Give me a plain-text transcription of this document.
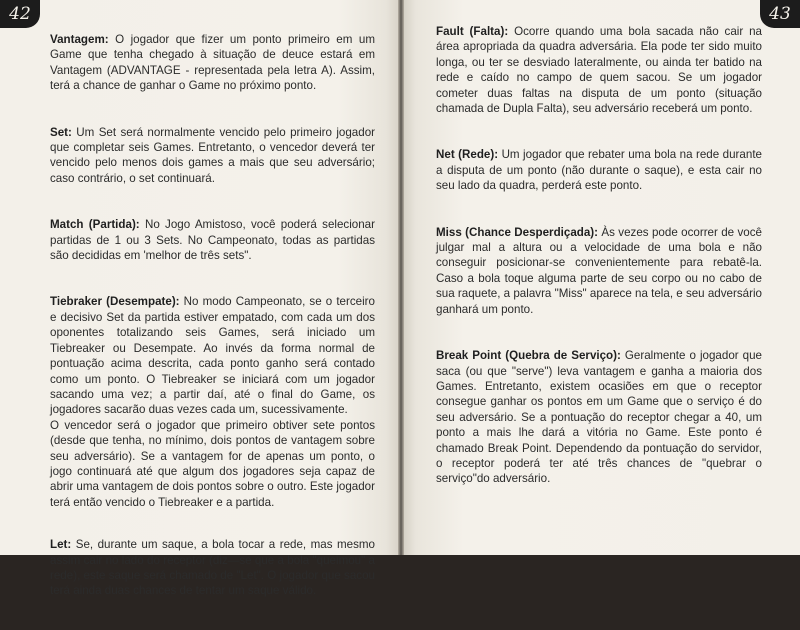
42

Vantagem: O jogador que fizer um ponto primeiro em um Game que tenha chegado à situação de deuce estará em Vantagem (ADVANTAGE - representada pela letra A). Assim, terá a chance de ganhar o Game no próximo ponto.

Set: Um Set será normalmente vencido pelo primeiro jogador que completar seis Games. Entretanto, o vencedor deverá ter vencido pelo menos dois games a mais que seu adversário; caso contrário, o set continuará.

Match (Partida): No Jogo Amistoso, você poderá selecionar partidas de 1 ou 3 Sets. No Campeonato, todas as partidas são decididas em 'melhor de três sets".

Tiebraker (Desempate): No modo Campeonato, se o terceiro e decisivo Set da partida estiver empatado, com cada um dos oponentes totalizando seis Games, será iniciado um Tiebreaker ou Desempate. Ao invés da forma normal de pontuação acima descrita, cada ponto ganho será contado como um ponto. O Tiebreaker se iniciará com um jogador sacando uma vez; a partir daí, até o final do Game, os jogadores sacarão duas vezes cada um, sucessivamente.

O vencedor será o jogador que primeiro obtiver sete pontos (desde que tenha, no mínimo, dois pontos de vantagem sobre seu adversário). Se a vantagem for de apenas um ponto, o jogo continuará até que algum dos jogadores seja capaz de abrir uma vantagem de dois pontos sobre o outro. Este jogador terá então vencido o Tiebreaker e a partida.

Let: Se, durante um saque, a bola tocar a rede, mas mesmo assim cair no lado do receptor (diz—se que a bola "queimou" a rede), este saque será chamado de "Let". O jogador que sacou terá ainda duas chances de tentar um saque válido.

43

Fault (Falta): Ocorre quando uma bola sacada não cair na área apropriada da quadra adversária. Ela pode ter sido muito longa, ou ter se desviado lateralmente, ou ainda ter batido na rede e caído no campo de quem sacou. Se um jogador cometer duas faltas na disputa de um ponto (situação chamada de Dupla Falta), seu adversário receberá um ponto.

Net (Rede): Um jogador que rebater uma bola na rede durante a disputa de um ponto (não durante o saque), e esta cair no seu lado da quadra, perderá este ponto.

Miss (Chance Desperdiçada): Às vezes pode ocorrer de você julgar mal a altura ou a velocidade de uma bola e não conseguir posicionar-se convenientemente para rebatê-la. Caso a bola toque alguma parte de seu corpo ou no cabo de sua raquete, a palavra "Miss" aparece na tela, e seu adversário ganhará um ponto.

Break Point (Quebra de Serviço): Geralmente o jogador que saca (ou que "serve") leva vantagem e ganha a maioria dos Games. Entretanto, existem ocasiões em que o receptor consegue ganhar os pontos em um Game que o serviço é do seu adversário. Se a pontuação do receptor chegar a 40, um ponto a mais lhe dará a vitória no Game. Este ponto é chamado Break Point. Dependendo da pontuação do servidor, o receptor poderá ter até três chances de "quebrar o serviço"do adversário.
